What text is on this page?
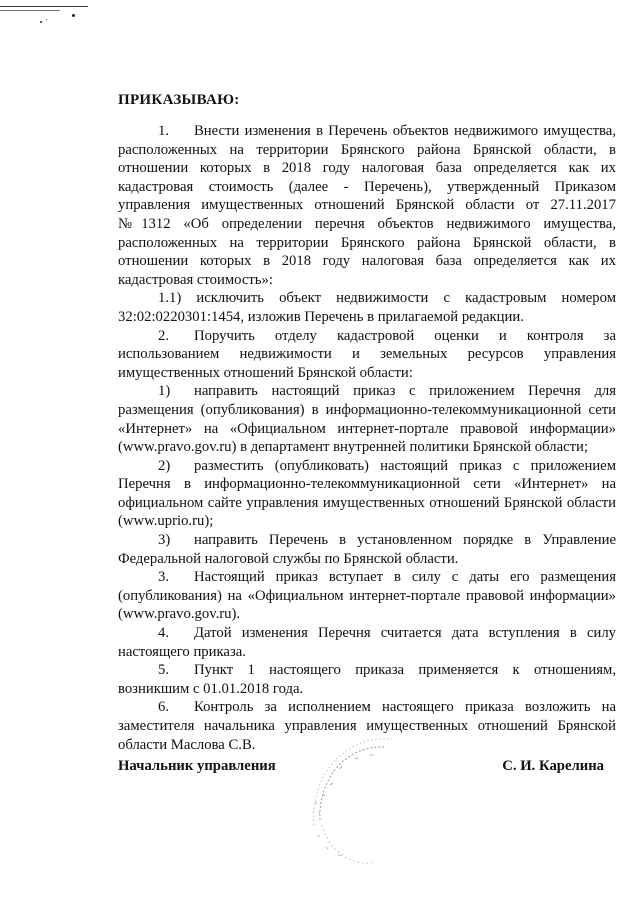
ПРИКАЗЫВАЮ:

1. Внести изменения в Перечень объектов недвижимого имущества, расположенных на территории Брянского района Брянской области, в отношении которых в 2018 году налоговая база определяется как их кадастровая стоимость (далее - Перечень), утвержденный Приказом управления имущественных отношений Брянской области от 27.11.2017 №1312 «Об определении перечня объектов недвижимого имущества, расположенных на территории Брянского района Брянской области, в отношении которых в 2018 году налоговая база определяется как их кадастровая стоимость»:

1.1) исключить объект недвижимости с кадастровым номером 32:02:0220301:1454, изложив Перечень в прилагаемой редакции.

2. Поручить отделу кадастровой оценки и контроля за использованием недвижимости и земельных ресурсов управления имущественных отношений Брянской области:

1) направить настоящий приказ с приложением Перечня для размещения (опубликования) в информационно-телекоммуникационной сети «Интернет» на «Официальном интернет-портале правовой информации» (www.pravo.gov.ru) в департамент внутренней политики Брянской области;

2) разместить (опубликовать) настоящий приказ с приложением Перечня в информационно-телекоммуникационной сети «Интернет» на официальном сайте управления имущественных отношений Брянской области (www.uprio.ru);

3) направить Перечень в установленном порядке в Управление Федеральной налоговой службы по Брянской области.

3. Настоящий приказ вступает в силу с даты его размещения (опубликования) на «Официальном интернет-портале правовой информации» (www.pravo.gov.ru).

4. Датой изменения Перечня считается дата вступления в силу настоящего приказа.

5. Пункт 1 настоящего приказа применяется к отношениям, возникшим с 01.01.2018 года.

6. Контроль за исполнением настоящего приказа возложить на заместителя начальника управления имущественных отношений Брянской области Маслова С.В.

Начальник управления	С. И. Карелина
